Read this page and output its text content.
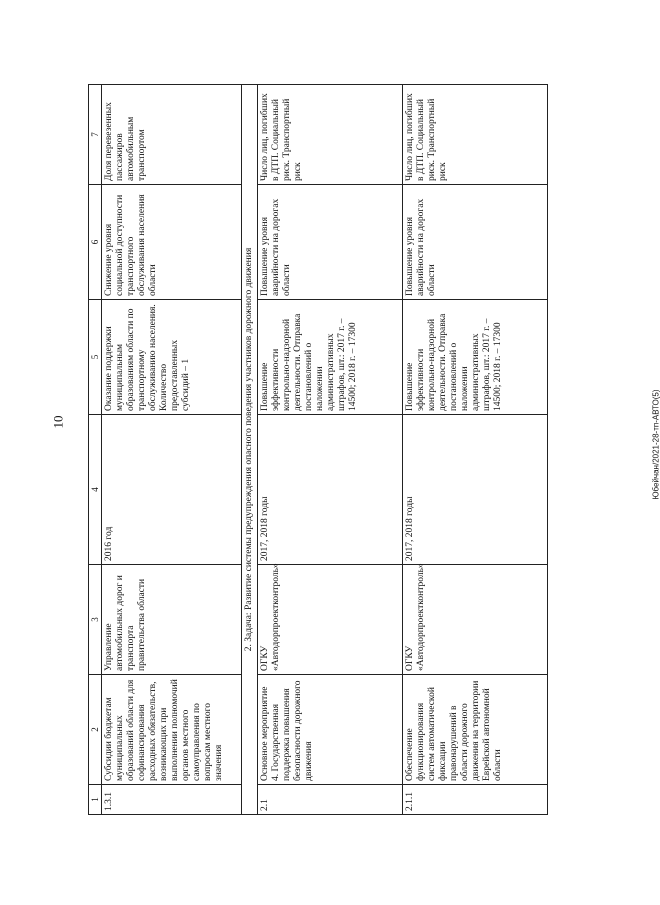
10	Юбейчан/2021-28-тп-АВТО(5)
1	2	3	4	5	6	7
1.3.1	Субсидии бюджетам муниципальных образований области для софинансирования расходных обязательств, возникающих при выполнении полномочий органов местного самоуправления по вопросам местного значения	Управление автомобильных дорог и транспорта правительства области	2016 год	Оказание поддержки муниципальным образованиям области по транспортному обслуживанию населения. Количество предоставленных субсидий – 1	Снижение уровня социальной доступности транспортного обслуживания населения области	Доля перевезенных пассажиров автомобильным транспортом
2. Задача: Развитие системы предупреждения опасного поведения участников дорожного движения						
2.1	Основное мероприятие 4. Государственная поддержка повышения безопасности дорожного движения	ОГКУ «Автодорпроектконтроль»	2017, 2018 годы	Повышение эффективности контрольно-надзорной деятельности. Отправка постановлений о наложении административных штрафов, шт.: 2017 г. – 14500; 2018 г. – 17300	Повышение уровня аварийности на дорогах области	Число лиц, погибших в ДТП. Социальный риск. Транспортный риск
2.1.1	Обеспечение функционирования систем автоматической фиксации правонарушений в области дорожного движения на территории Еврейской автономной области	ОГКУ «Автодорпроектконтроль»	2017, 2018 годы	Повышение эффективности контрольно-надзорной деятельности. Отправка постановлений о наложении административных штрафов, шт.: 2017 г. – 14500; 2018 г. – 17300	Повышение уровня аварийности на дорогах области	Число лиц, погибших в ДТП. Социальный риск. Транспортный риск
